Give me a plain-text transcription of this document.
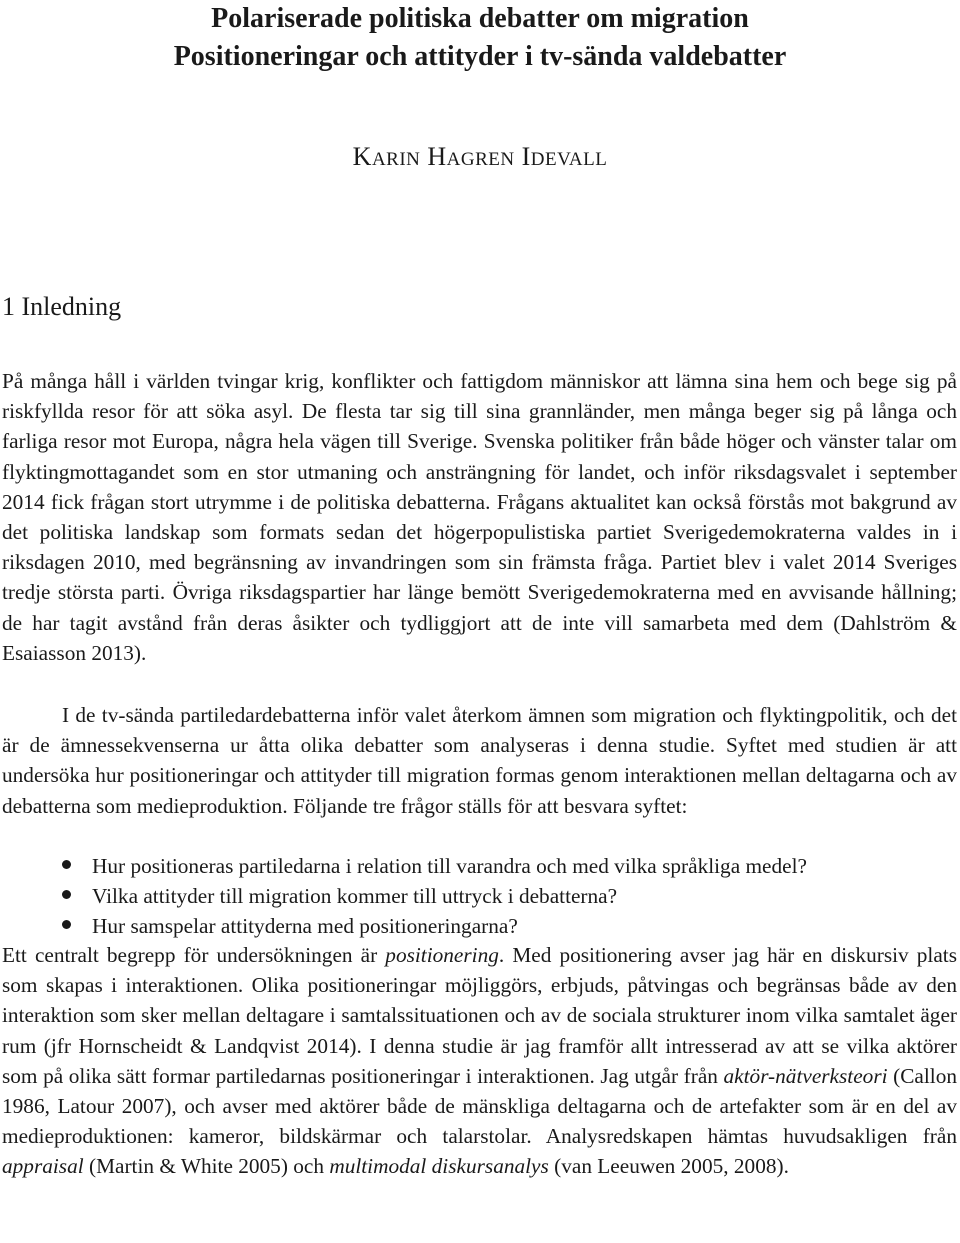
Polariserade politiska debatter om migration
Positioneringar och attityder i tv-sända valdebatter
KARIN HAGREN IDEVALL
1 Inledning

På många håll i världen tvingar krig, konflikter och fattigdom människor att lämna sina hem och bege sig på riskfyllda resor för att söka asyl. De flesta tar sig till sina grannländer, men många beger sig på långa och farliga resor mot Europa, några hela vägen till Sverige. Svenska politiker från både höger och vänster talar om flyktingmottagandet som en stor utmaning och ansträngning för landet, och inför riksdagsvalet i september 2014 fick frågan stort utrymme i de politiska debatterna. Frågans aktualitet kan också förstås mot bakgrund av det politiska landskap som formats sedan det högerpopulistiska partiet Sverigedemokraterna valdes in i riksdagen 2010, med begränsning av invandringen som sin främsta fråga. Partiet blev i valet 2014 Sveriges tredje största parti. Övriga riksdagspartier har länge bemött Sverigedemokraterna med en avvisande hållning; de har tagit avstånd från deras åsikter och tydliggjort att de inte vill samarbeta med dem (Dahlström & Esaiasson 2013).

I de tv-sända partiledardebatterna inför valet återkom ämnen som migration och flyktingpolitik, och det är de ämnessekvenserna ur åtta olika debatter som analyseras i denna studie. Syftet med studien är att undersöka hur positioneringar och attityder till migration formas genom interaktionen mellan deltagarna och av debatterna som medieproduktion. Följande tre frågor ställs för att besvara syftet:

Hur positioneras partiledarna i relation till varandra och med vilka språkliga medel?
Vilka attityder till migration kommer till uttryck i debatterna?
Hur samspelar attityderna med positioneringarna?

Ett centralt begrepp för undersökningen är positionering. Med positionering avser jag här en diskursiv plats som skapas i interaktionen. Olika positioneringar möjliggörs, erbjuds, påtvingas och begränsas både av den interaktion som sker mellan deltagare i samtalssituationen och av de sociala strukturer inom vilka samtalet äger rum (jfr Hornscheidt & Landqvist 2014). I denna studie är jag framför allt intresserad av att se vilka aktörer som på olika sätt formar partiledarnas positioneringar i interaktionen. Jag utgår från aktör-nätverksteori (Callon 1986, Latour 2007), och avser med aktörer både de mänskliga deltagarna och de artefakter som är en del av medieproduktionen: kameror, bildskärmar och talarstolar. Analysredskapen hämtas huvudsakligen från appraisal (Martin & White 2005) och multimodal diskursanalys (van Leeuwen 2005, 2008).
